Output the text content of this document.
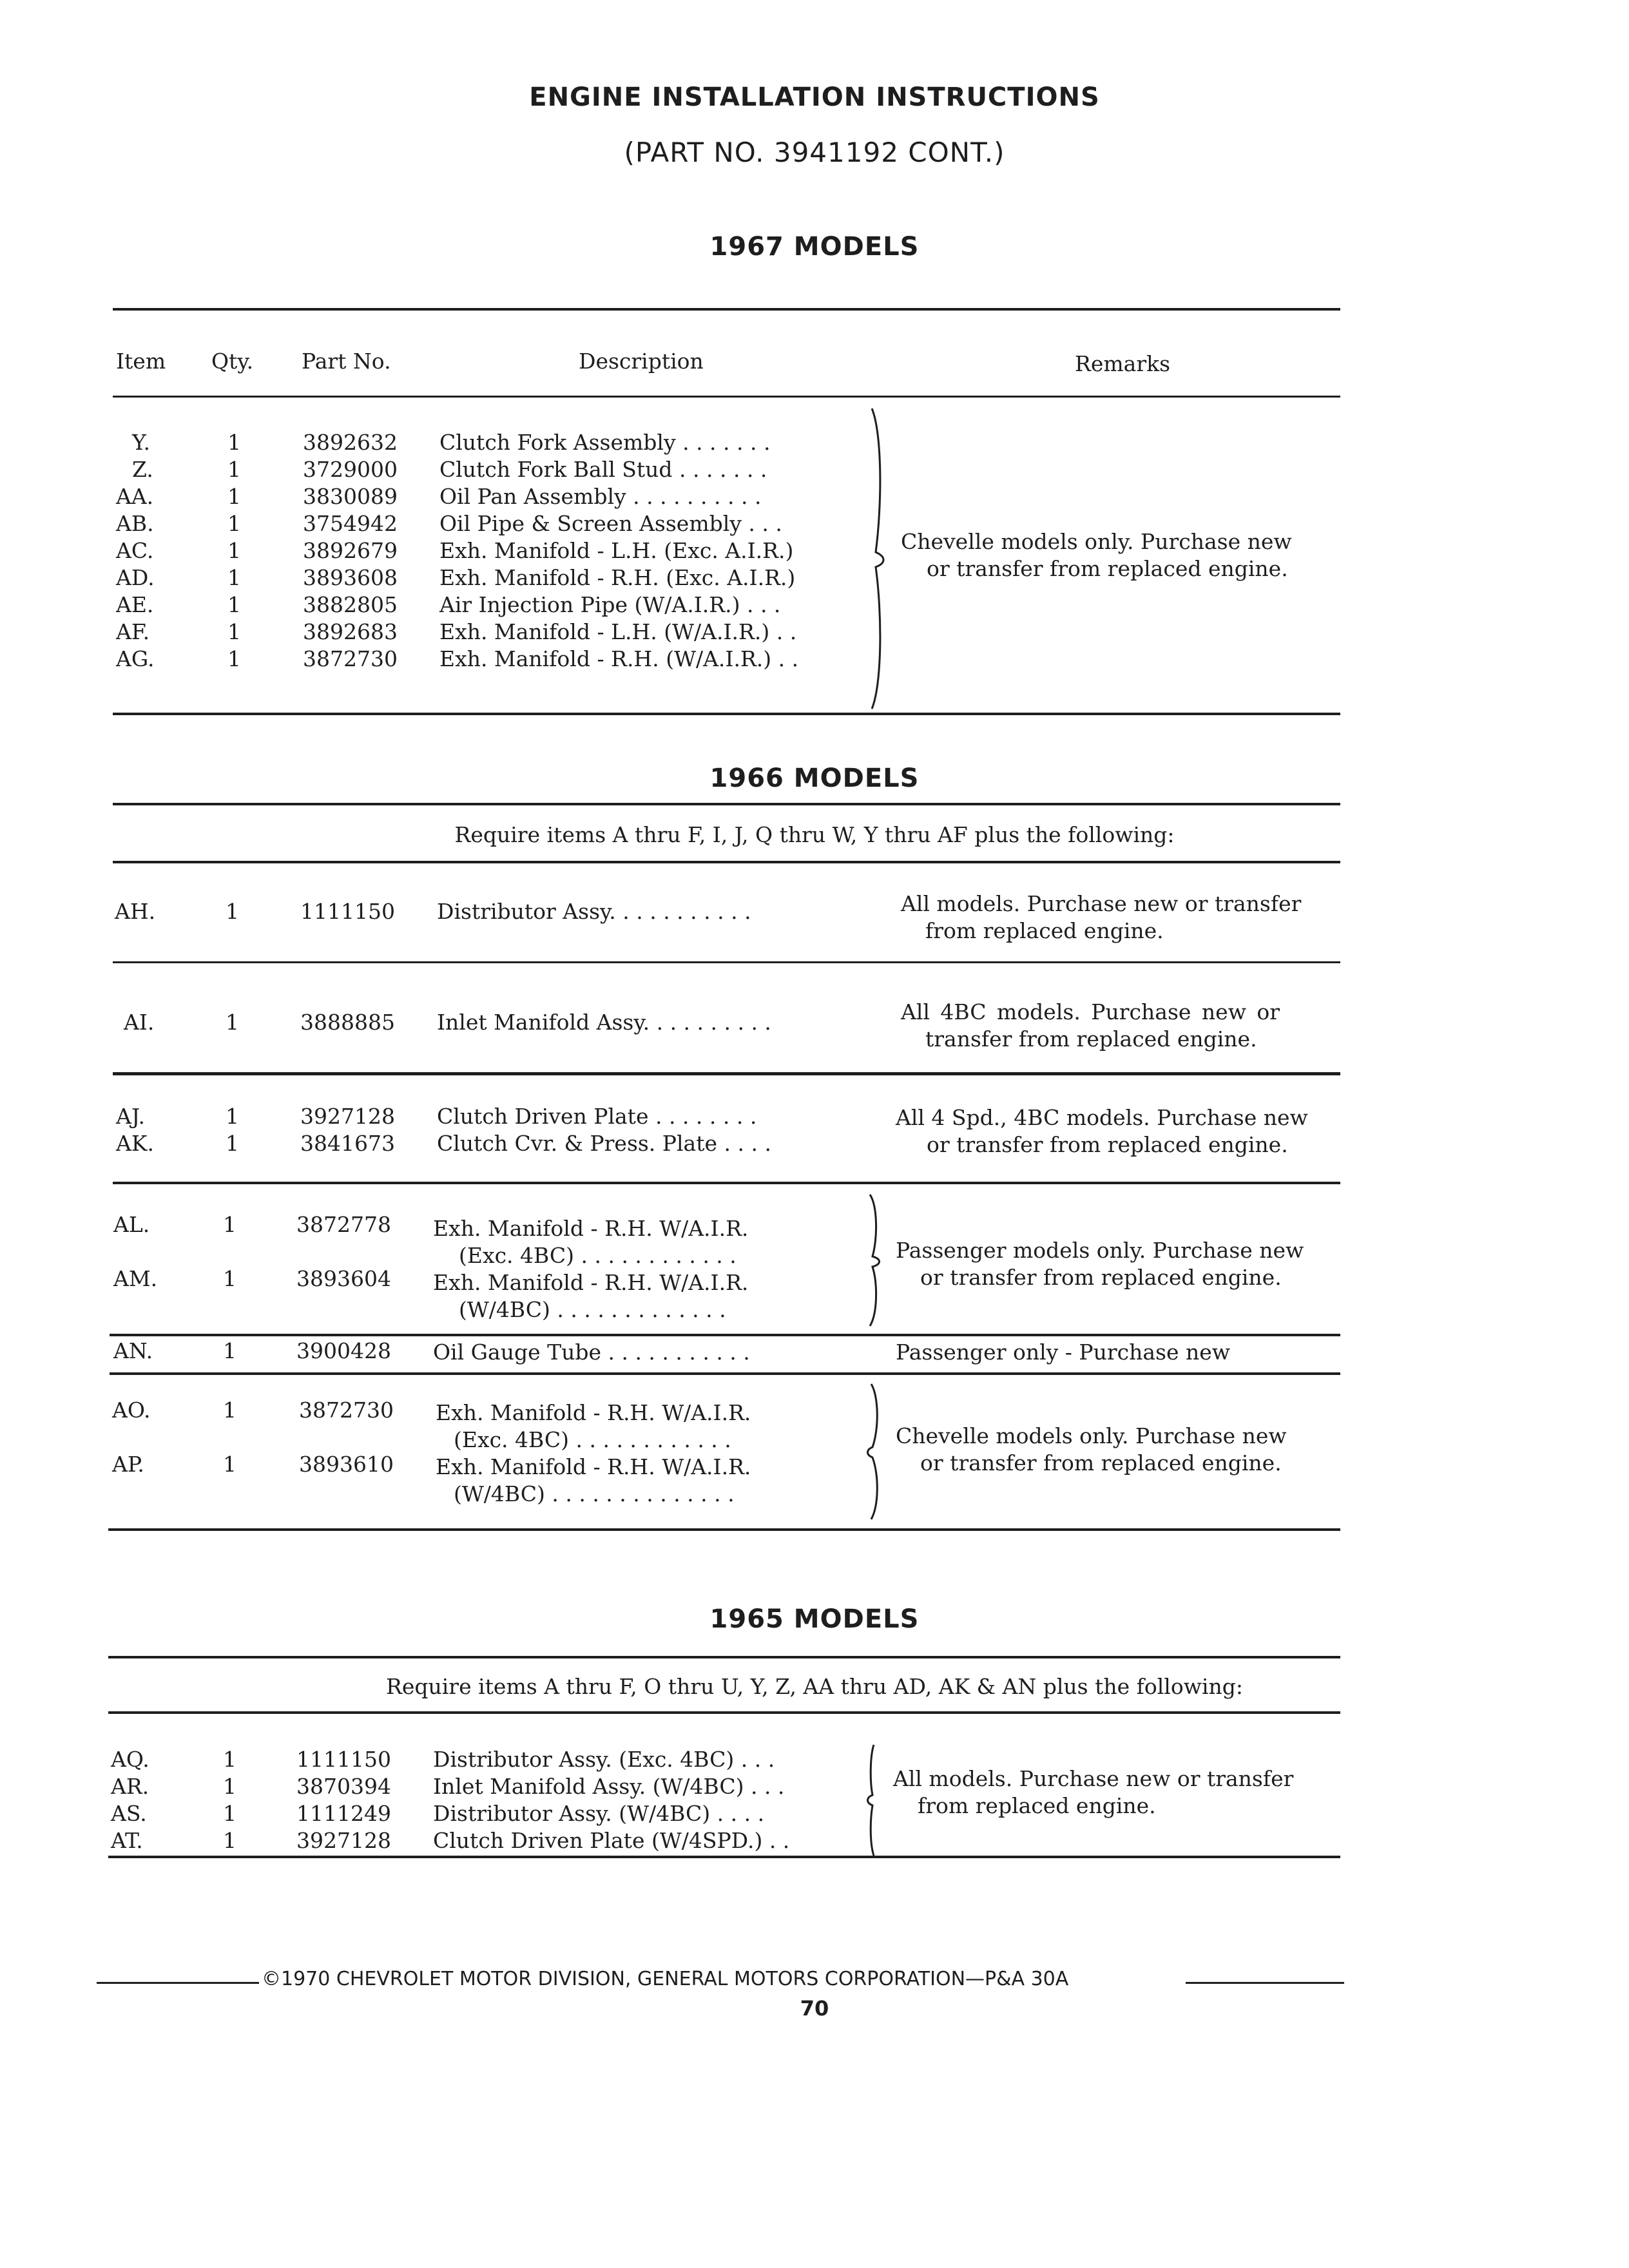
ENGINE INSTALLATION INSTRUCTIONS
(PART NO. 3941192 CONT.)
1967 MODELS
Item Qty. Part No.	Description	Remarks
Y.	1	3892632 Clutch Fork Assembly . . . . . . .
Z.	1	3729000 Clutch Fork Ball Stud . . . . . . .
AA.	1	3830089 Oil Pan Assembly . . . . . . . . . .
AB.	1	3754942 Oil Pipe & Screen Assembly . . .
AC.	1	3892679 Exh. Manifold - L.H. (Exc. A.I.R.)
AD.	1	3893608 Exh. Manifold - R.H. (Exc. A.I.R.)
AE.	1	3882805 Air Injection Pipe (W/A.I.R.) . . .
AF.	1	3892683 Exh. Manifold - L.H. (W/A.I.R.) . .
AG.	1	3872730 Exh. Manifold - R.H. (W/A.I.R.) . .
Chevelle models only. Purchase new
or transfer from replaced engine.
1966 MODELS
Require items A thru F, I, J, Q thru W, Y thru AF plus the following:
AH.	1	1111150 Distributor Assy. . . . . . . . . . .	All models. Purchase new or transfer
from replaced engine.
AI.	1	3888885 Inlet Manifold Assy. . . . . . . . . .	All 4BC models. Purchase new or
transfer from replaced engine.
AJ.	1	3927128 Clutch Driven Plate . . . . . . . .
AK.	1	3841673 Clutch Cvr. & Press. Plate . . . .
All 4 Spd., 4BC models. Purchase new
or transfer from replaced engine.
AL.	1	3872778 Exh. Manifold - R.H. W/A.I.R.
(Exc. 4BC) . . . . . . . . . . . .
AM.	1	3893604 Exh. Manifold - R.H. W/A.I.R.
(W/4BC) . . . . . . . . . . . . .
Passenger models only. Purchase new
or transfer from replaced engine.
AN.	1	3900428 Oil Gauge Tube . . . . . . . . . . .	Passenger only - Purchase new
AO.	1	3872730 Exh. Manifold - R.H. W/A.I.R.
(Exc. 4BC) . . . . . . . . . . . .
AP.	1	3893610 Exh. Manifold - R.H. W/A.I.R.
(W/4BC) . . . . . . . . . . . . . .
Chevelle models only. Purchase new
or transfer from replaced engine.
1965 MODELS
Require items A thru F, O thru U, Y, Z, AA thru AD, AK & AN plus the following:
AQ.	1	1111150 Distributor Assy. (Exc. 4BC) . . .
AR.	1	3870394 Inlet Manifold Assy. (W/4BC) . . .
AS.	1	1111249 Distributor Assy. (W/4BC) . . . .
AT.	1	3927128 Clutch Driven Plate (W/4SPD.) . .
All models. Purchase new or transfer
from replaced engine.
©1970 CHEVROLET MOTOR DIVISION, GENERAL MOTORS CORPORATION—P&A 30A
70
